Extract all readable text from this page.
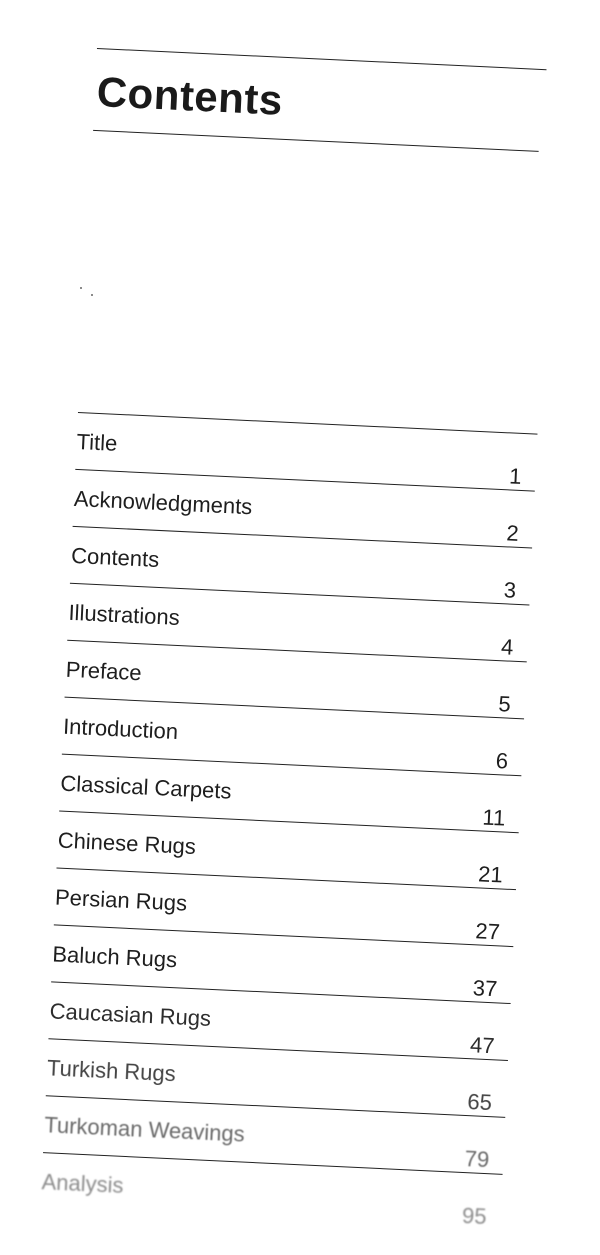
Contents
Title
1
Acknowledgments
2
Contents
3
Illustrations
4
Preface
5
Introduction
6
Classical Carpets
11
Chinese Rugs
21
Persian Rugs
27
Baluch Rugs
37
Caucasian Rugs
47
Turkish Rugs
65
Turkoman Weavings
79
Analysis
95
